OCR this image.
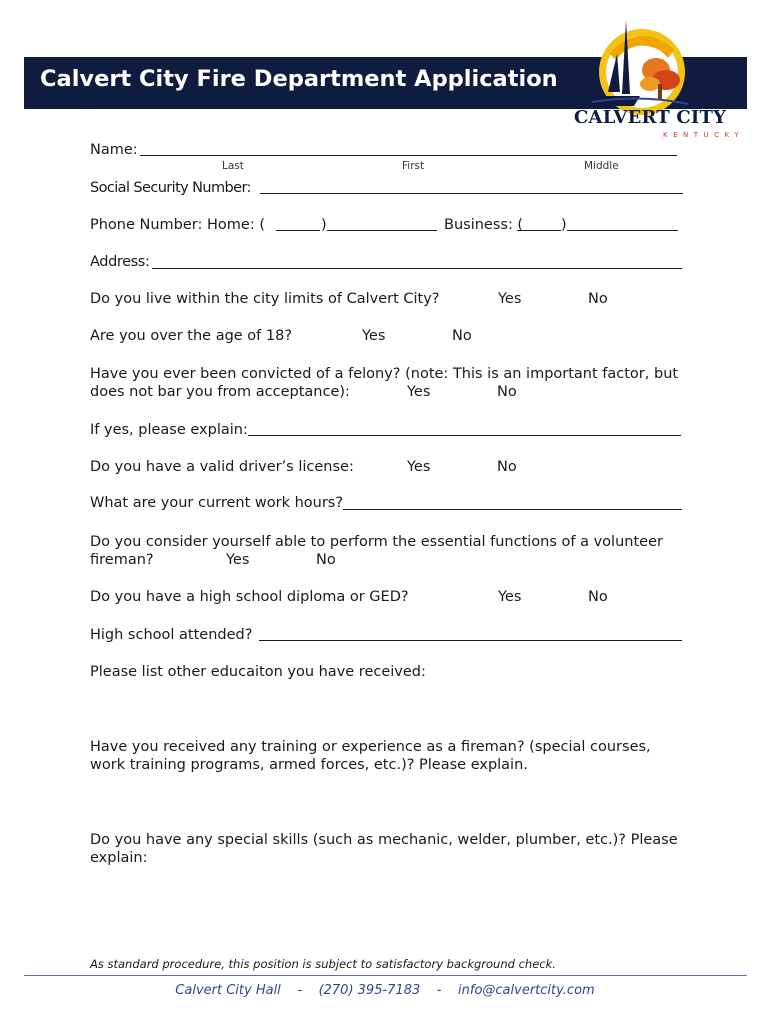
Calvert City Fire Department Application
CALVERT CITY
KENTUCKY
Name:
Last	First	Middle
Social Security Number:
Phone Number: Home: (	)	Business: (	)
Address:
Do you live within the city limits of Calvert City?	Yes	No
Are you over the age of 18?	Yes	No
Have you ever been convicted of a felony? (note: This is an important factor, but
does not bar you from acceptance):	Yes	No
If yes, please explain:
Do you have a valid driver’s license:	Yes	No
What are your current work hours?
Do you consider yourself able to perform the essential functions of a volunteer
fireman?	Yes	No
Do you have a high school diploma or GED?	Yes	No
High school attended?
Please list other educaiton you have received:
Have you received any training or experience as a fireman? (special courses, work training programs, armed forces, etc.)? Please explain.
Do you have any special skills (such as mechanic, welder, plumber, etc.)? Please explain:
As standard procedure, this position is subject to satisfactory background check.
Calvert City Hall - (270) 395-7183 - info@calvertcity.com
